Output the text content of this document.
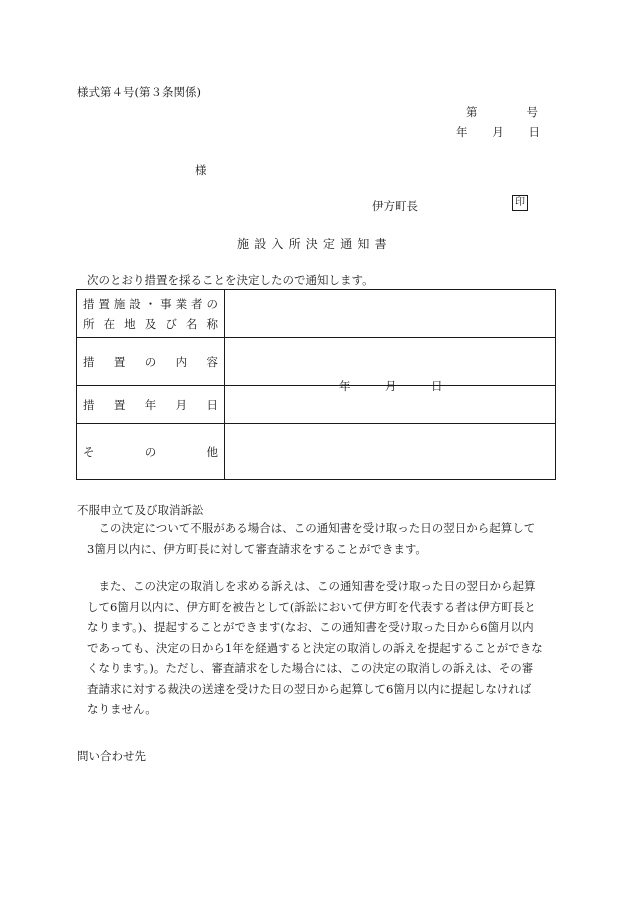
様式第４号(第３条関係)
第	号
年 月 日
様
伊方町長	印
施設入所決定通知書
次のとおり措置を採ることを決定したので通知します。
措置施設・事業者の
所在地及び名称	

措置の内容	

措置年月日	年 月 日

その他	

不服申立て及び取消訴訟
　この決定について不服がある場合は、この通知書を受け取った日の翌日から起算して
3箇月以内に、伊方町長に対して審査請求をすることができます。
　また、この決定の取消しを求める訴えは、この通知書を受け取った日の翌日から起算
して6箇月以内に、伊方町を被告として(訴訟において伊方町を代表する者は伊方町長と
なります。)、提起することができます(なお、この通知書を受け取った日から6箇月以内
であっても、決定の日から1年を経過すると決定の取消しの訴えを提起することができな
くなります。)。ただし、審査請求をした場合には、この決定の取消しの訴えは、その審
査請求に対する裁決の送達を受けた日の翌日から起算して6箇月以内に提起しなければ
なりません。
問い合わせ先
